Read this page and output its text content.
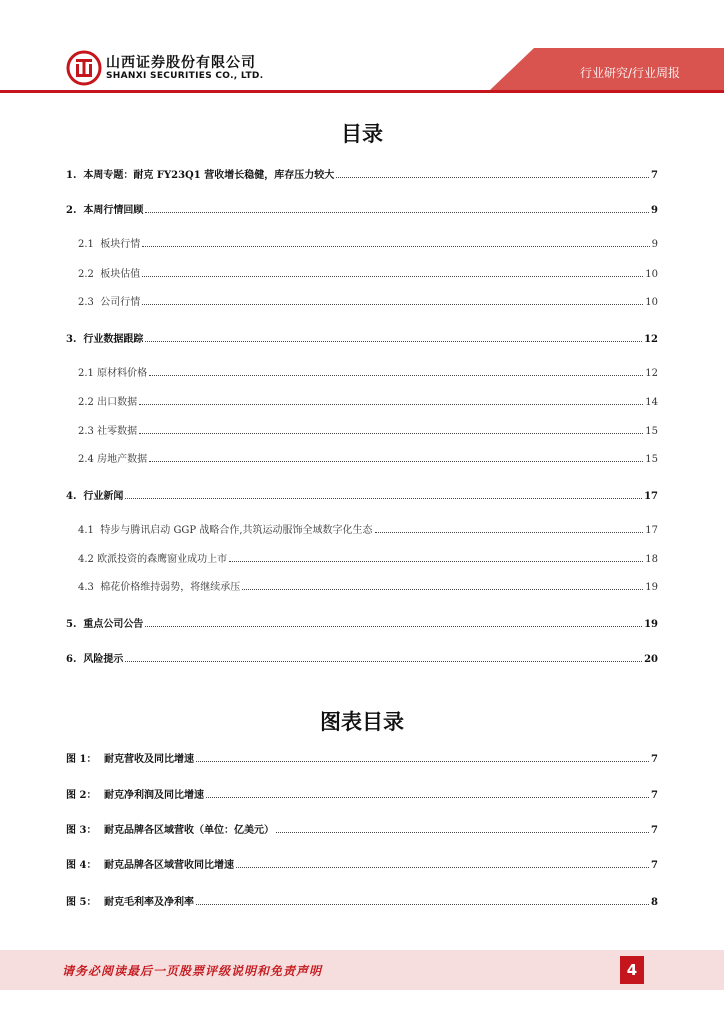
山西证券股份有限公司
SHANXI SECURITIES CO., LTD.	行业研究/行业周报
目录
1. 本周专题：耐克 FY23Q1 营收增长稳健，库存压力较大	7
2. 本周行情回顾	9
2.1 板块行情	9
2.2 板块估值	10
2.3 公司行情	10
3. 行业数据跟踪	12
2.1 原材料价格	12
2.2 出口数据	14
2.3 社零数据	15
2.4 房地产数据	15
4. 行业新闻	17
4.1 特步与腾讯启动 GGP 战略合作,共筑运动服饰全域数字化生态	17
4.2 欧派投资的森鹰窗业成功上市	18
4.3 棉花价格维持弱势，将继续承压	19
5. 重点公司公告	19
6. 风险提示	20
图表目录
图 1： 耐克营收及同比增速	7
图 2： 耐克净利润及同比增速	7
图 3： 耐克品牌各区域营收（单位：亿美元）	7
图 4： 耐克品牌各区域营收同比增速	7
图 5： 耐克毛利率及净利率	8
请务必阅读最后一页股票评级说明和免责声明	4
